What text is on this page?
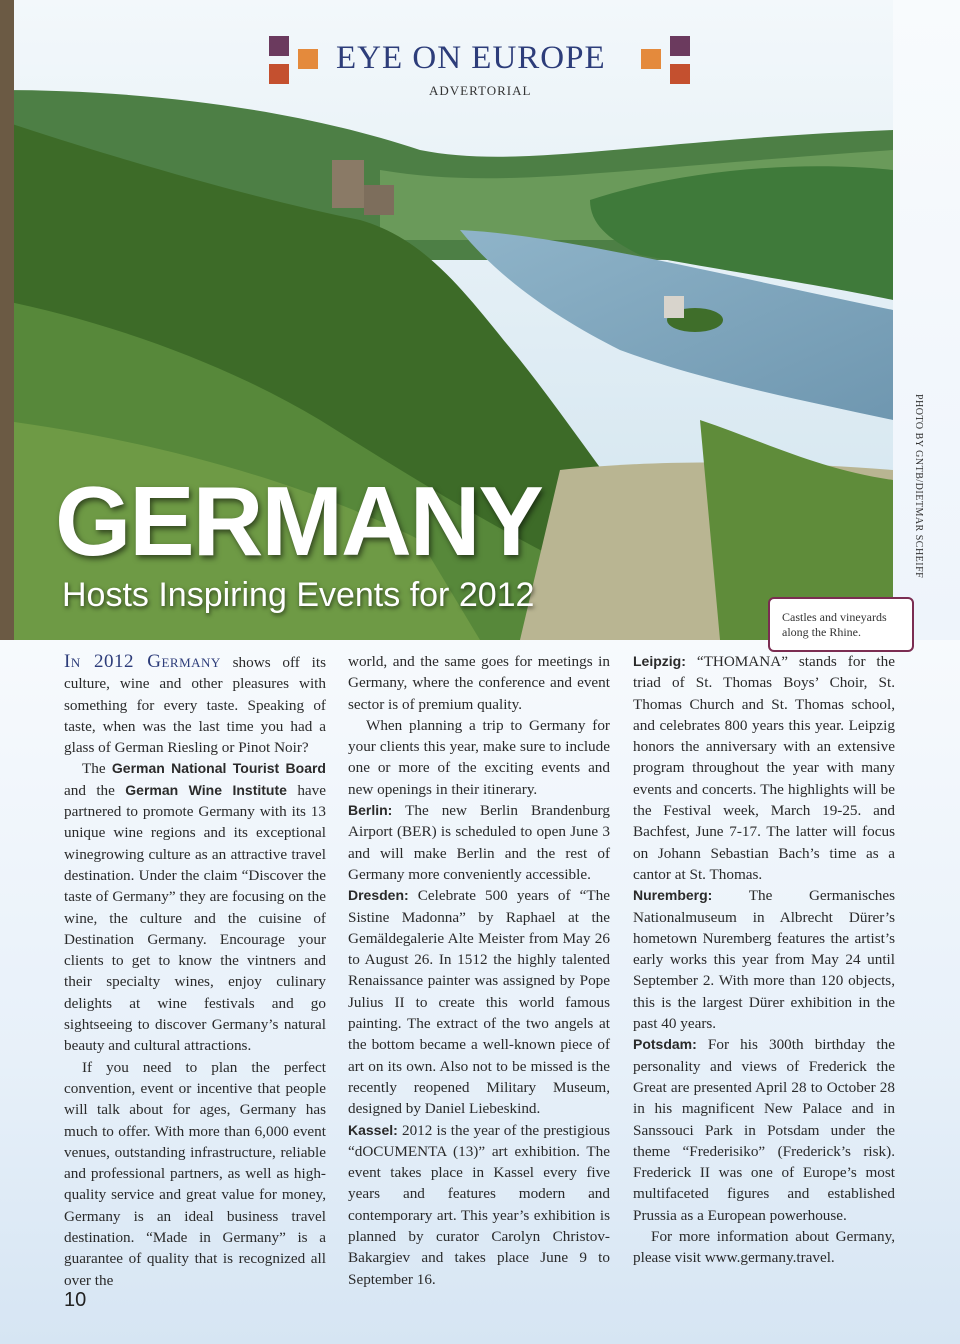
EYE ON EUROPE
ADVERTORIAL
GERMANY
Hosts Inspiring Events for 2012
PHOTO BY GNTB/DIETMAR SCHEIFF
Castles and vineyards along the Rhine.

In 2012 Germany shows off its culture, wine and other pleasures with something for every taste. Speaking of taste, when was the last time you had a glass of German Riesling or Pinot Noir?

The German National Tourist Board and the German Wine Institute have partnered to promote Germany with its 13 unique wine regions and its exceptional winegrowing culture as an attractive travel destination. Under the claim “Discover the taste of Germany” they are focusing on the wine, the culture and the cuisine of Destination Germany. Encourage your clients to get to know the vintners and their specialty wines, enjoy culinary delights at wine festivals and go sightseeing to discover Germany’s natural beauty and cultural attractions.

If you need to plan the perfect convention, event or incentive that people will talk about for ages, Germany has much to offer. With more than 6,000 event venues, outstanding infrastructure, reliable and professional partners, as well as high-quality service and great value for money, Germany is an ideal business travel destination. “Made in Germany” is a guarantee of quality that is recognized all over the

world, and the same goes for meetings in Germany, where the conference and event sector is of premium quality.

When planning a trip to Germany for your clients this year, make sure to include one or more of the exciting events and new openings in their itinerary.

Berlin: The new Berlin Brandenburg Airport (BER) is scheduled to open June 3 and will make Berlin and the rest of Germany more conveniently accessible.

Dresden: Celebrate 500 years of “The Sistine Madonna” by Raphael at the Gemäldegalerie Alte Meister from May 26 to August 26. In 1512 the highly talented Renaissance painter was assigned by Pope Julius II to create this world famous painting. The extract of the two angels at the bottom became a well-known piece of art on its own. Also not to be missed is the recently reopened Military Museum, designed by Daniel Liebeskind.

Kassel: 2012 is the year of the prestigious “dOCUMENTA (13)” art exhibition. The event takes place in Kassel every five years and features modern and contemporary art. This year’s exhibition is planned by curator Carolyn Christov-Bakargiev and takes place June 9 to September 16.

Leipzig: “THOMANA” stands for the triad of St. Thomas Boys’ Choir, St. Thomas Church and St. Thomas school, and celebrates 800 years this year. Leipzig honors the anniversary with an extensive program throughout the year with many events and concerts. The highlights will be the Festival week, March 19-25. and Bachfest, June 7-17. The latter will focus on Johann Sebastian Bach’s time as a cantor at St. Thomas.

Nuremberg: The Germanisches Nationalmuseum in Albrecht Dürer’s hometown Nuremberg features the artist’s early works this year from May 24 until September 2. With more than 120 objects, this is the largest Dürer exhibition in the past 40 years.

Potsdam: For his 300th birthday the personality and views of Frederick the Great are presented April 28 to October 28 in his magnificent New Palace and in Sanssouci Park in Potsdam under the theme “Frederisiko” (Frederick’s risk). Frederick II was one of Europe’s most multifaceted figures and established Prussia as a European powerhouse.

For more information about Germany, please visit www.germany.travel.

10
